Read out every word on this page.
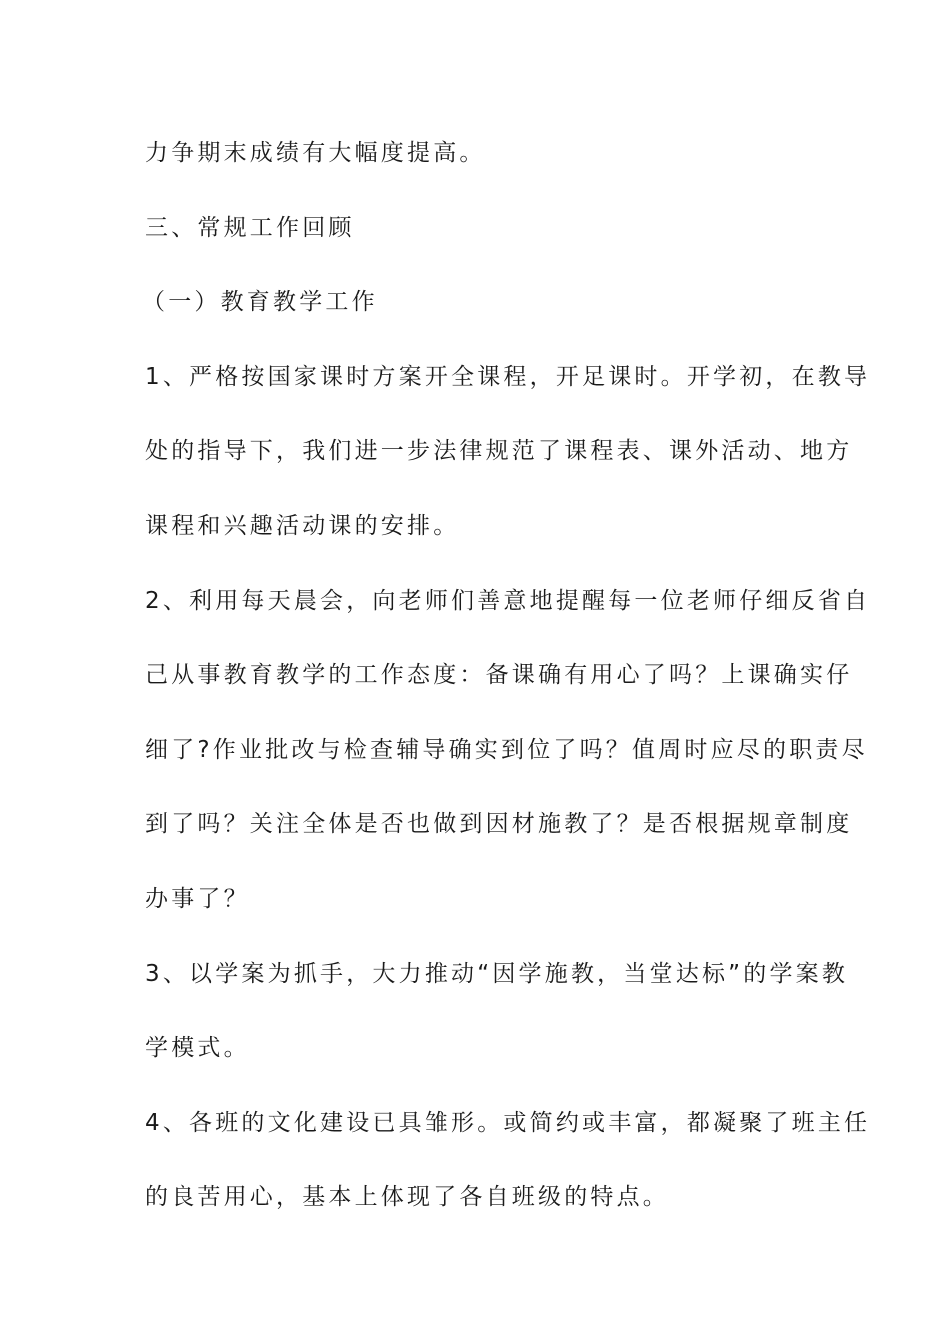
力争期末成绩有大幅度提高。
三、常规工作回顾
（一）教育教学工作
1、严格按国家课时方案开全课程，开足课时。开学初，在教导
处的指导下，我们进一步法律规范了课程表、课外活动、地方
课程和兴趣活动课的安排。
2、利用每天晨会，向老师们善意地提醒每一位老师仔细反省自
己从事教育教学的工作态度：备课确有用心了吗？上课确实仔
细了?作业批改与检查辅导确实到位了吗？值周时应尽的职责尽
到了吗？关注全体是否也做到因材施教了？是否根据规章制度
办事了？
3、以学案为抓手，大力推动“因学施教，当堂达标”的学案教
学模式。
4、各班的文化建设已具雏形。或简约或丰富，都凝聚了班主任
的良苦用心，基本上体现了各自班级的特点。
